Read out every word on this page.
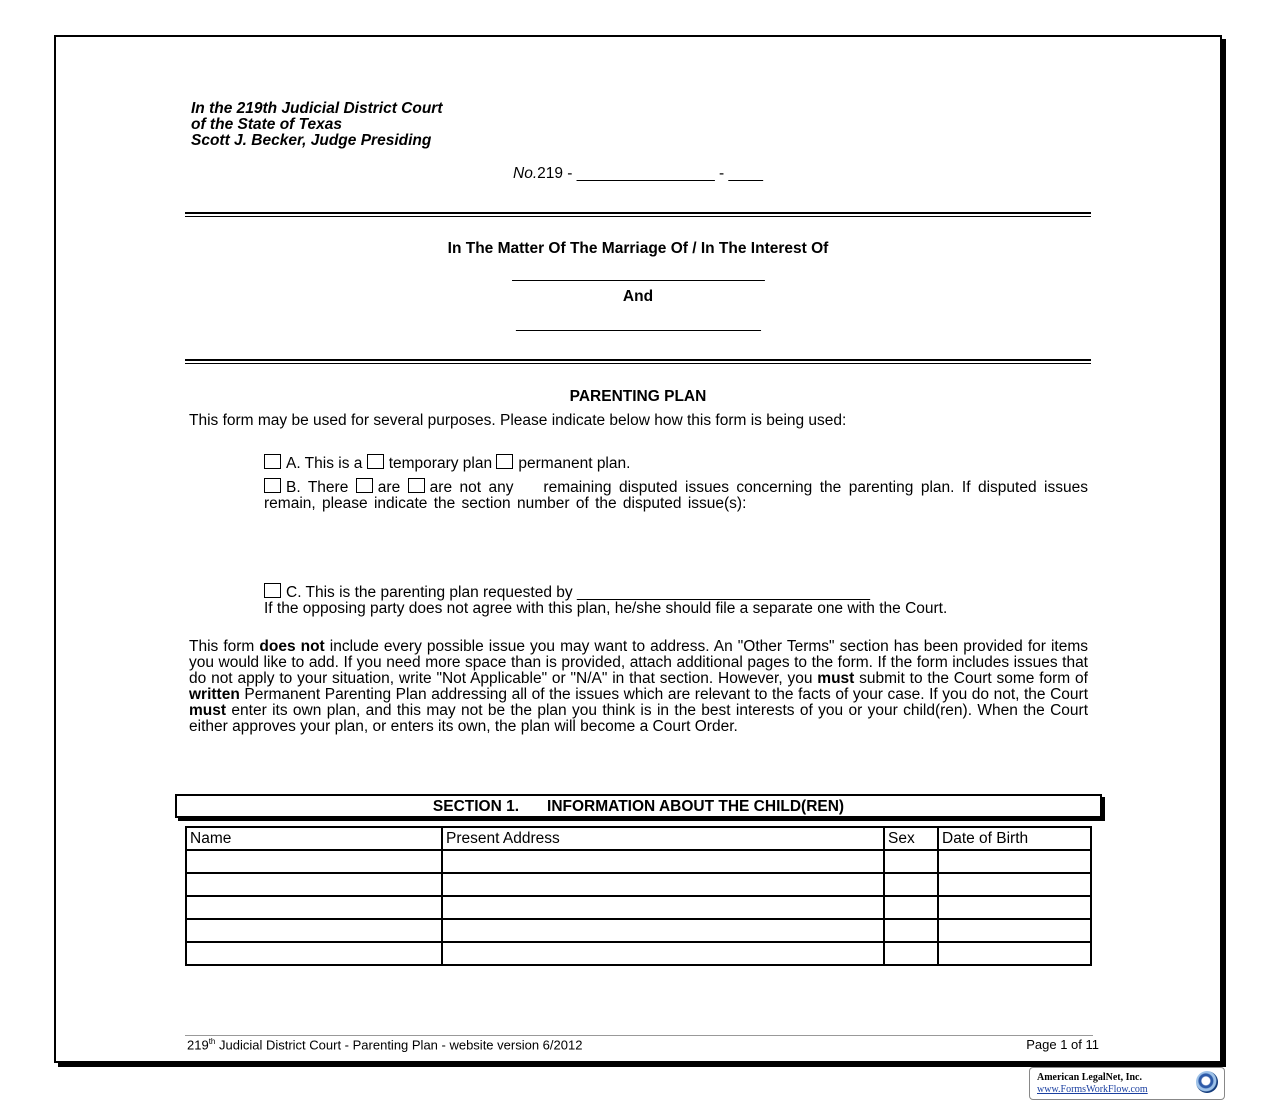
In the 219th Judicial District Court
of the State of Texas
Scott J. Becker, Judge Presiding
No.219 - ________________ - ____
In The Matter Of The Marriage Of / In The Interest Of
_________________________________
And
________________________________
PARENTING PLAN
This form may be used for several purposes. Please indicate below how this form is being used:
A. This is a temporary plan permanent plan.
B. There are are not any remaining disputed issues concerning the parenting plan. If disputed issues remain, please indicate the section number of the disputed issue(s):
C. This is the parenting plan requested by __________________________________
If the opposing party does not agree with this plan, he/she should file a separate one with the Court.
This form does not include every possible issue you may want to address. An "Other Terms" section has been provided for items you would like to add. If you need more space than is provided, attach additional pages to the form. If the form includes issues that do not apply to your situation, write "Not Applicable" or "N/A" in that section. However, you must submit to the Court some form of written Permanent Parenting Plan addressing all of the issues which are relevant to the facts of your case. If you do not, the Court must enter its own plan, and this may not be the plan you think is in the best interests of you or your child(ren). When the Court either approves your plan, or enters its own, the plan will become a Court Order.
SECTION 1. INFORMATION ABOUT THE CHILD(REN)
Name	Present Address	Sex	Date of Birth

219th Judicial District Court - Parenting Plan - website version 6/2012	Page 1 of 11
American LegalNet, Inc.
www.FormsWorkFlow.com
